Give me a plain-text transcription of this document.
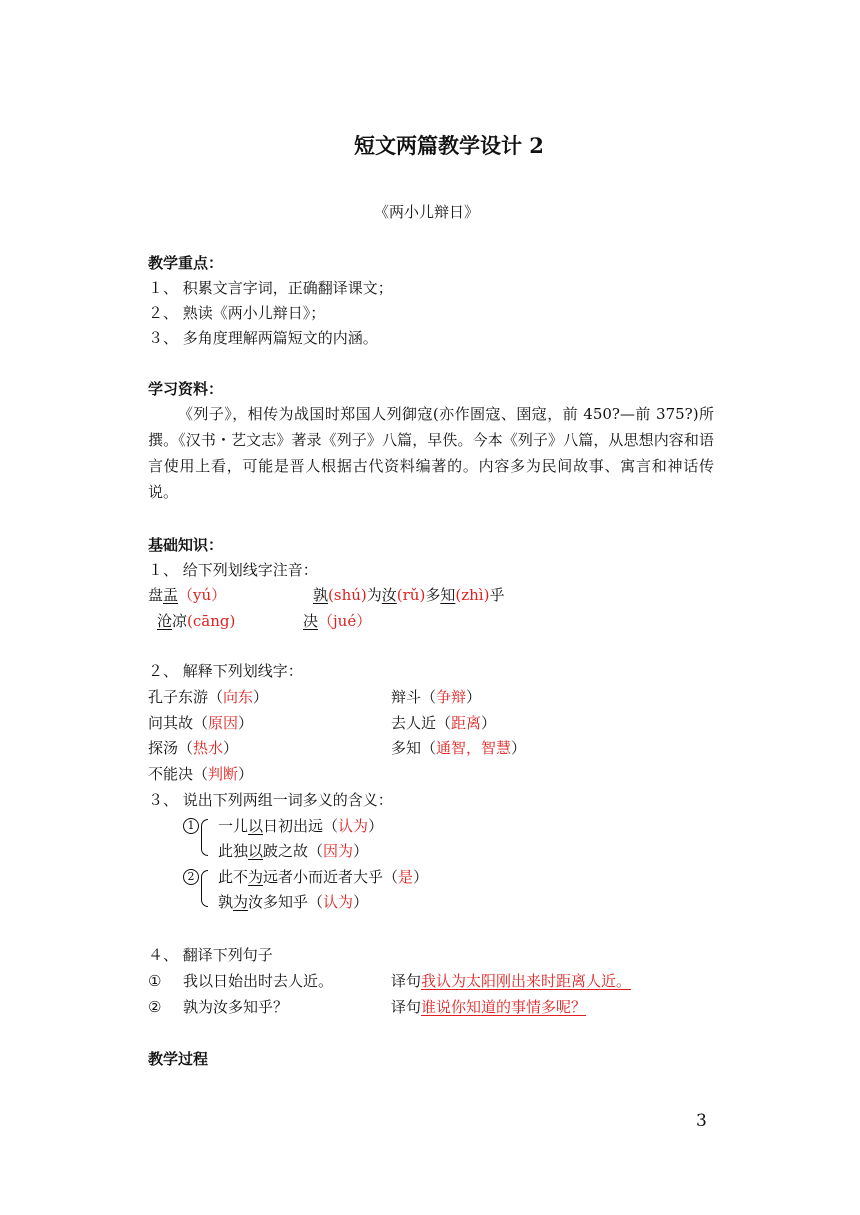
短文两篇教学设计 2
《两小儿辩日》
教学重点：
１、 积累文言字词，正确翻译课文；
２、 熟读《两小儿辩日》；
３、 多角度理解两篇短文的内涵。
学习资料：
《列子》，相传为战国时郑国人列御寇(亦作圄寇、圉寇，前 450?—前 375?)所撰。《汉书・艺文志》著录《列子》八篇，早佚。今本《列子》八篇，从思想内容和语言使用上看，可能是晋人根据古代资料编著的。内容多为民间故事、寓言和神话传说。
基础知识：
１、 给下列划线字注音：
盘盂（yú）	孰(shú)为汝(rǔ)多知(zhì)乎
沧凉(cāng)	决（jué）
２、 解释下列划线字：
孔子东游（向东）	辩斗（争辩）
问其故（原因）	去人近（距离）
探汤（热水）	多知（通智，智慧）
不能决（判断）
３、 说出下列两组一词多义的含义：
1	一儿以日初出远（认为）
此独以跛之故（因为）
2	此不为远者小而近者大乎（是）
孰为汝多知乎（认为）
４、 翻译下列句子
① 我以日始出时去人近。	译句我认为太阳刚出来时距离人近。
② 孰为汝多知乎？	译句谁说你知道的事情多呢？
教学过程
3
